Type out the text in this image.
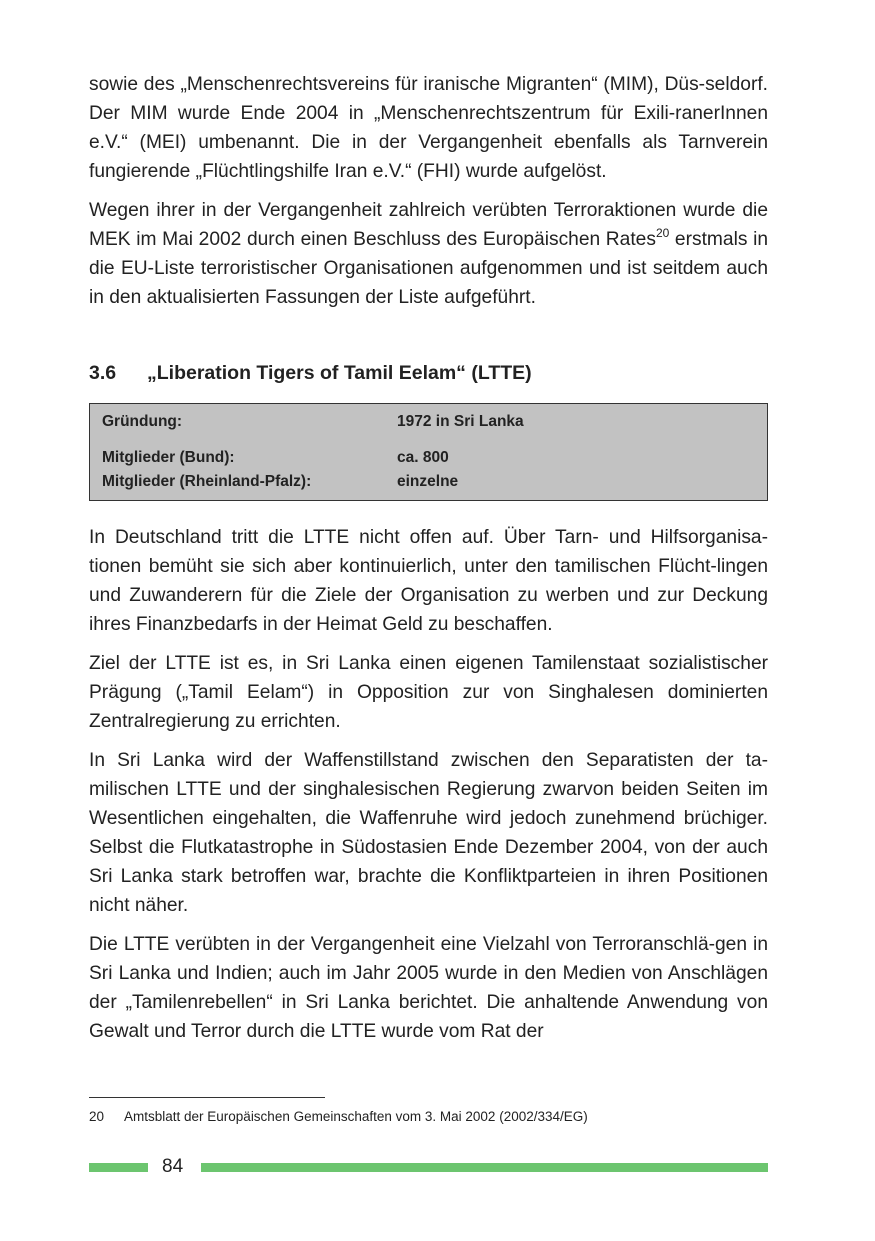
sowie des „Menschenrechtsvereins für iranische Migranten“ (MIM), Düs-seldorf. Der MIM wurde Ende 2004 in „Menschenrechtszentrum für Exili-ranerInnen e.V.“ (MEI) umbenannt. Die in der Vergangenheit ebenfalls als Tarnverein fungierende „Flüchtlingshilfe Iran e.V.“ (FHI) wurde aufgelöst.

Wegen ihrer in der Vergangenheit zahlreich verübten Terroraktionen wurde die MEK im Mai 2002 durch einen Beschluss des Europäischen Rates$^{20}$ erstmals in die EU-Liste terroristischer Organisationen aufgenommen und ist seitdem auch in den aktualisierten Fassungen der Liste aufgeführt.

3.6	„Liberation Tigers of Tamil Eelam“ (LTTE)
Gründung:	1972 in Sri Lanka
Mitglieder (Bund):	ca. 800
Mitglieder (Rheinland-Pfalz):	einzelne

In Deutschland tritt die LTTE nicht offen auf. Über Tarn- und Hilfsorganisa-tionen bemüht sie sich aber kontinuierlich, unter den tamilischen Flücht-lingen und Zuwanderern für die Ziele der Organisation zu werben und zur Deckung ihres Finanzbedarfs in der Heimat Geld zu beschaffen.

Ziel der LTTE ist es, in Sri Lanka einen eigenen Tamilenstaat sozialistischer Prägung („Tamil Eelam“) in Opposition zur von Singhalesen dominierten Zentralregierung zu errichten.

In Sri Lanka wird der Waffenstillstand zwischen den Separatisten der ta-milischen LTTE und der singhalesischen Regierung zwarvon beiden Seiten im Wesentlichen eingehalten, die Waffenruhe wird jedoch zunehmend brüchiger. Selbst die Flutkatastrophe in Südostasien Ende Dezember 2004, von der auch Sri Lanka stark betroffen war, brachte die Konfliktparteien in ihren Positionen nicht näher.

Die LTTE verübten in der Vergangenheit eine Vielzahl von Terroranschlä-gen in Sri Lanka und Indien; auch im Jahr 2005 wurde in den Medien von Anschlägen der „Tamilenrebellen“ in Sri Lanka berichtet. Die anhaltende Anwendung von Gewalt und Terror durch die LTTE wurde vom Rat der

20	Amtsblatt der Europäischen Gemeinschaften vom 3. Mai 2002 (2002/334/EG)
84
